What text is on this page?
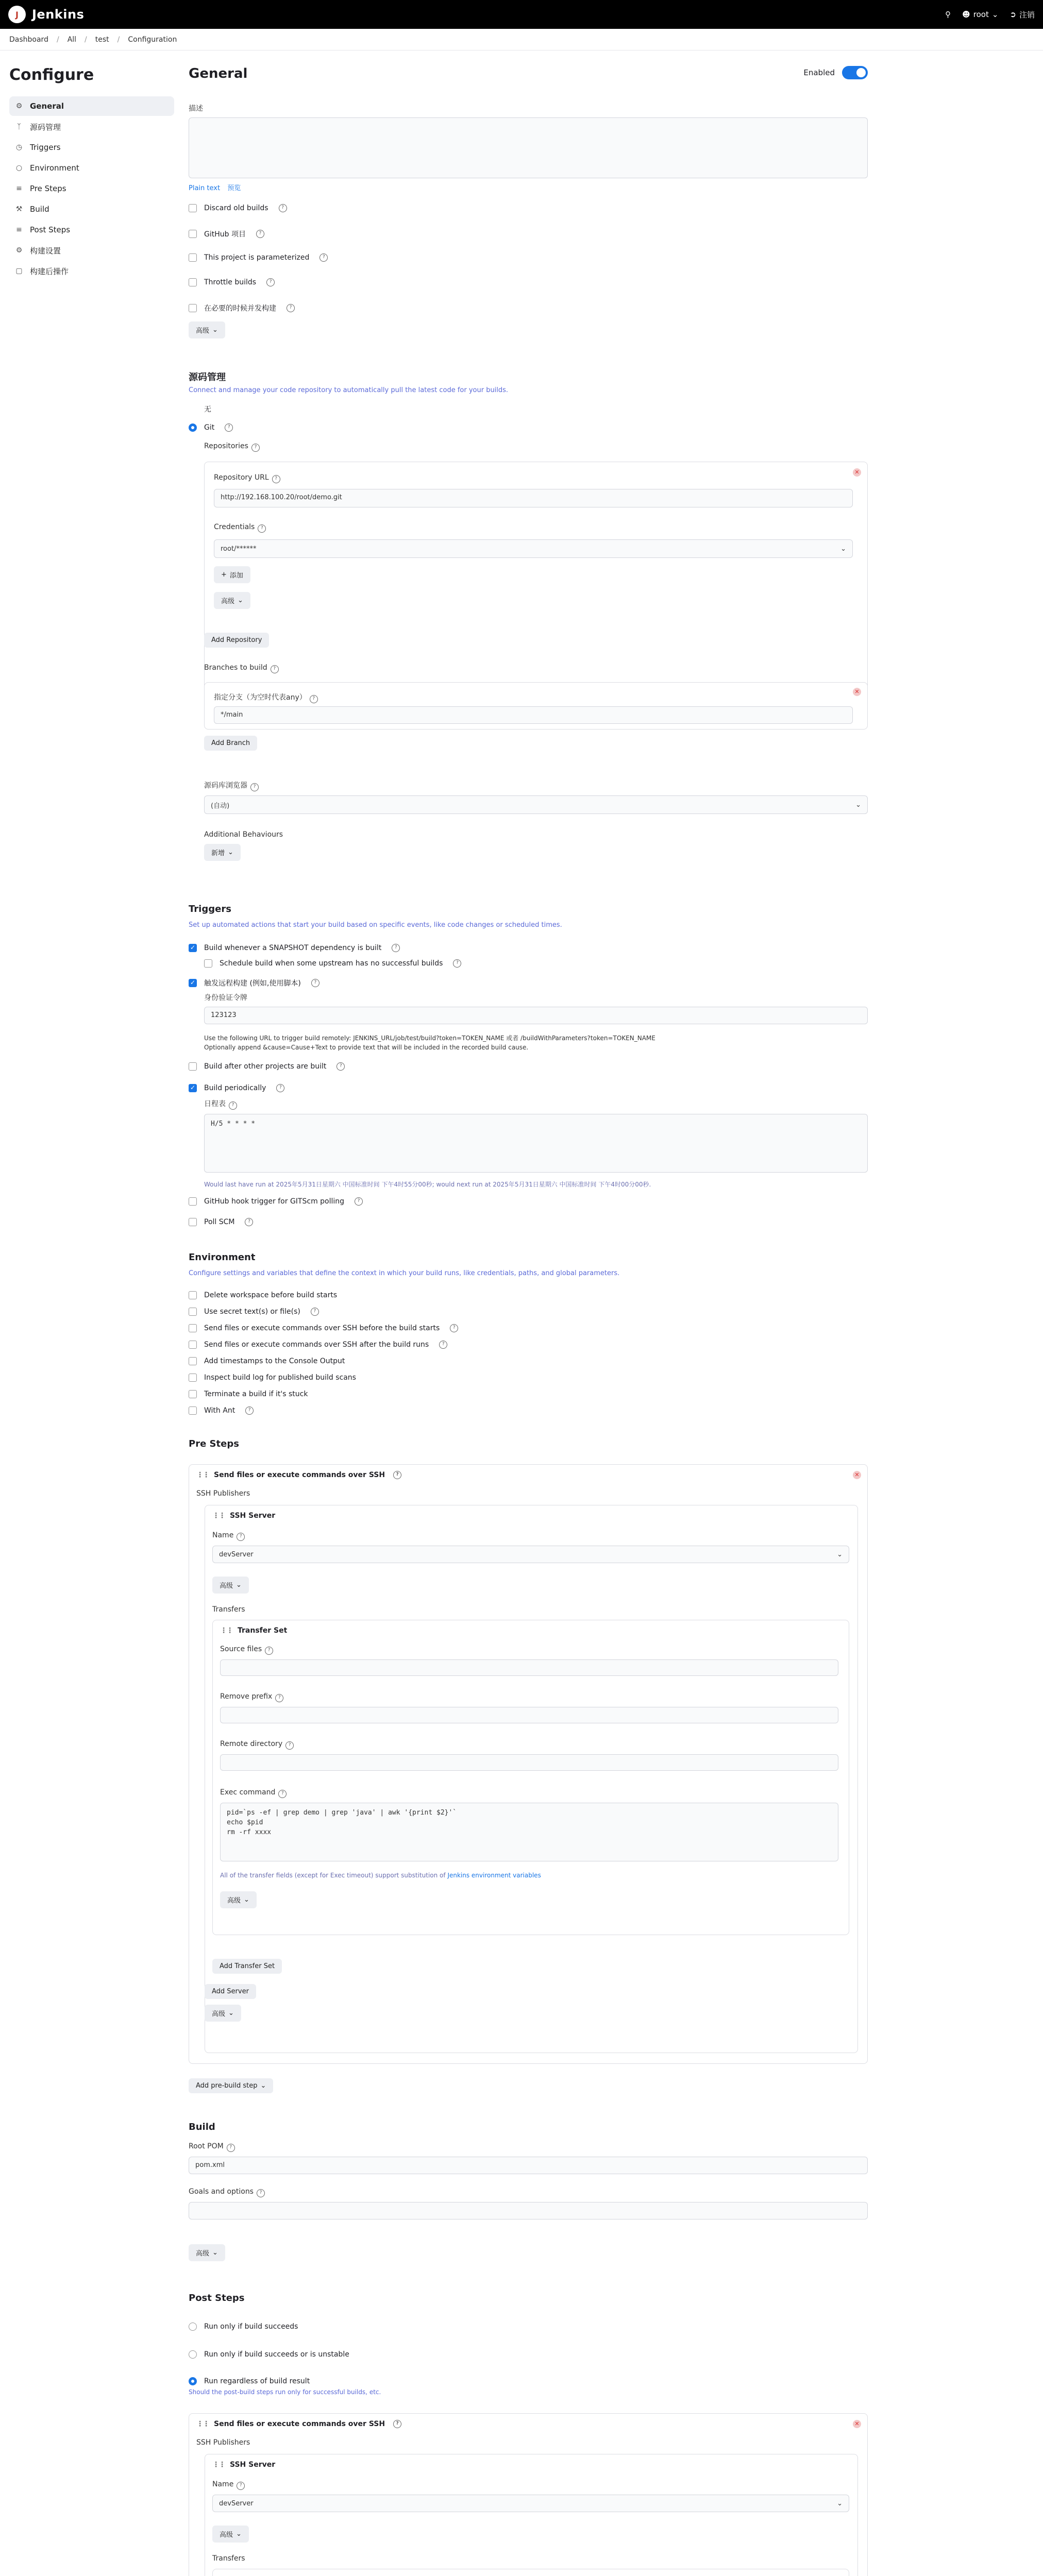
J	Jenkins	⚲ ☻ root ⌄ ➲ 注销
Dashboard / All / test / Configuration
Configure
⚙ General
ᛉ	源码管理
◷ Triggers
○ Environment
≡ Pre Steps
⚒ Build
≡ Post Steps
⚙ 构建设置
▢ 构建后操作
General	Enabled
描述
Plain text 预览
Discard old builds	?
GitHub 项目	?
This project is parameterized	?
Throttle builds	?
在必要的时候并发构建	?
高级 ⌄
源码管理
Connect and manage your code repository to automatically pull the latest code for your builds.
无
Git	?
Repositories ?
✕
Repository URL ?
http://192.168.100.20/root/demo.git
Credentials ?
root/******	⌄
+ 添加
高级 ⌄
Add Repository
Branches to build ?
✕
指定分支（为空时代表any） ?
*/main
Add Branch
源码库浏览器 ?
(自动)	⌄
Additional Behaviours
新增 ⌄
Triggers
Set up automated actions that start your build based on specific events, like code changes or scheduled times.
✓
Build whenever a SNAPSHOT dependency is built	?
Schedule build when some upstream has no successful builds	?
✓
触发远程构建 (例如,使用脚本)	?
身份验证令牌
123123
Use the following URL to trigger build remotely: JENKINS_URL/job/test/build?token=TOKEN_NAME 或者 /buildWithParameters?token=TOKEN_NAME
Optionally append &cause=Cause+Text to provide text that will be included in the recorded build cause.
Build after other projects are built	?
✓
Build periodically	?
日程表 ?
H/5 * * * *
Would last have run at 2025年5月31日星期六 中国标准时间 下午4时55分00秒; would next run at 2025年5月31日星期六 中国标准时间 下午4时00分00秒.
GitHub hook trigger for GITScm polling	?
Poll SCM	?
Environment
Configure settings and variables that define the context in which your build runs, like credentials, paths, and global parameters.
Delete workspace before build starts
Use secret text(s) or file(s)	?
Send files or execute commands over SSH before the build starts	?
Send files or execute commands over SSH after the build runs	?
Add timestamps to the Console Output
Inspect build log for published build scans
Terminate a build if it's stuck
With Ant	?
Pre Steps
✕
⋮⋮ Send files or execute commands over SSH	?
SSH Publishers
⋮⋮ SSH Server
Name ?
devServer	⌄
高级 ⌄
Transfers
⋮⋮ Transfer Set
Source files ?
Remove prefix ?
Remote directory ?
Exec command ?
pid=`ps -ef | grep demo | grep 'java' | awk '{print $2}'`
echo $pid
rm -rf xxxx
All of the transfer fields (except for Exec timeout) support substitution of Jenkins environment variables
高级 ⌄
Add Transfer Set
Add Server
高级 ⌄
Add pre-build step ⌄
Build
Root POM ?
pom.xml
Goals and options ?
高级 ⌄
Post Steps
Run only if build succeeds
Run only if build succeeds or is unstable
Run regardless of build result
Should the post-build steps run only for successful builds, etc.
✕
⋮⋮ Send files or execute commands over SSH	?
SSH Publishers
⋮⋮ SSH Server
Name ?
devServer	⌄
高级 ⌄
Transfers
